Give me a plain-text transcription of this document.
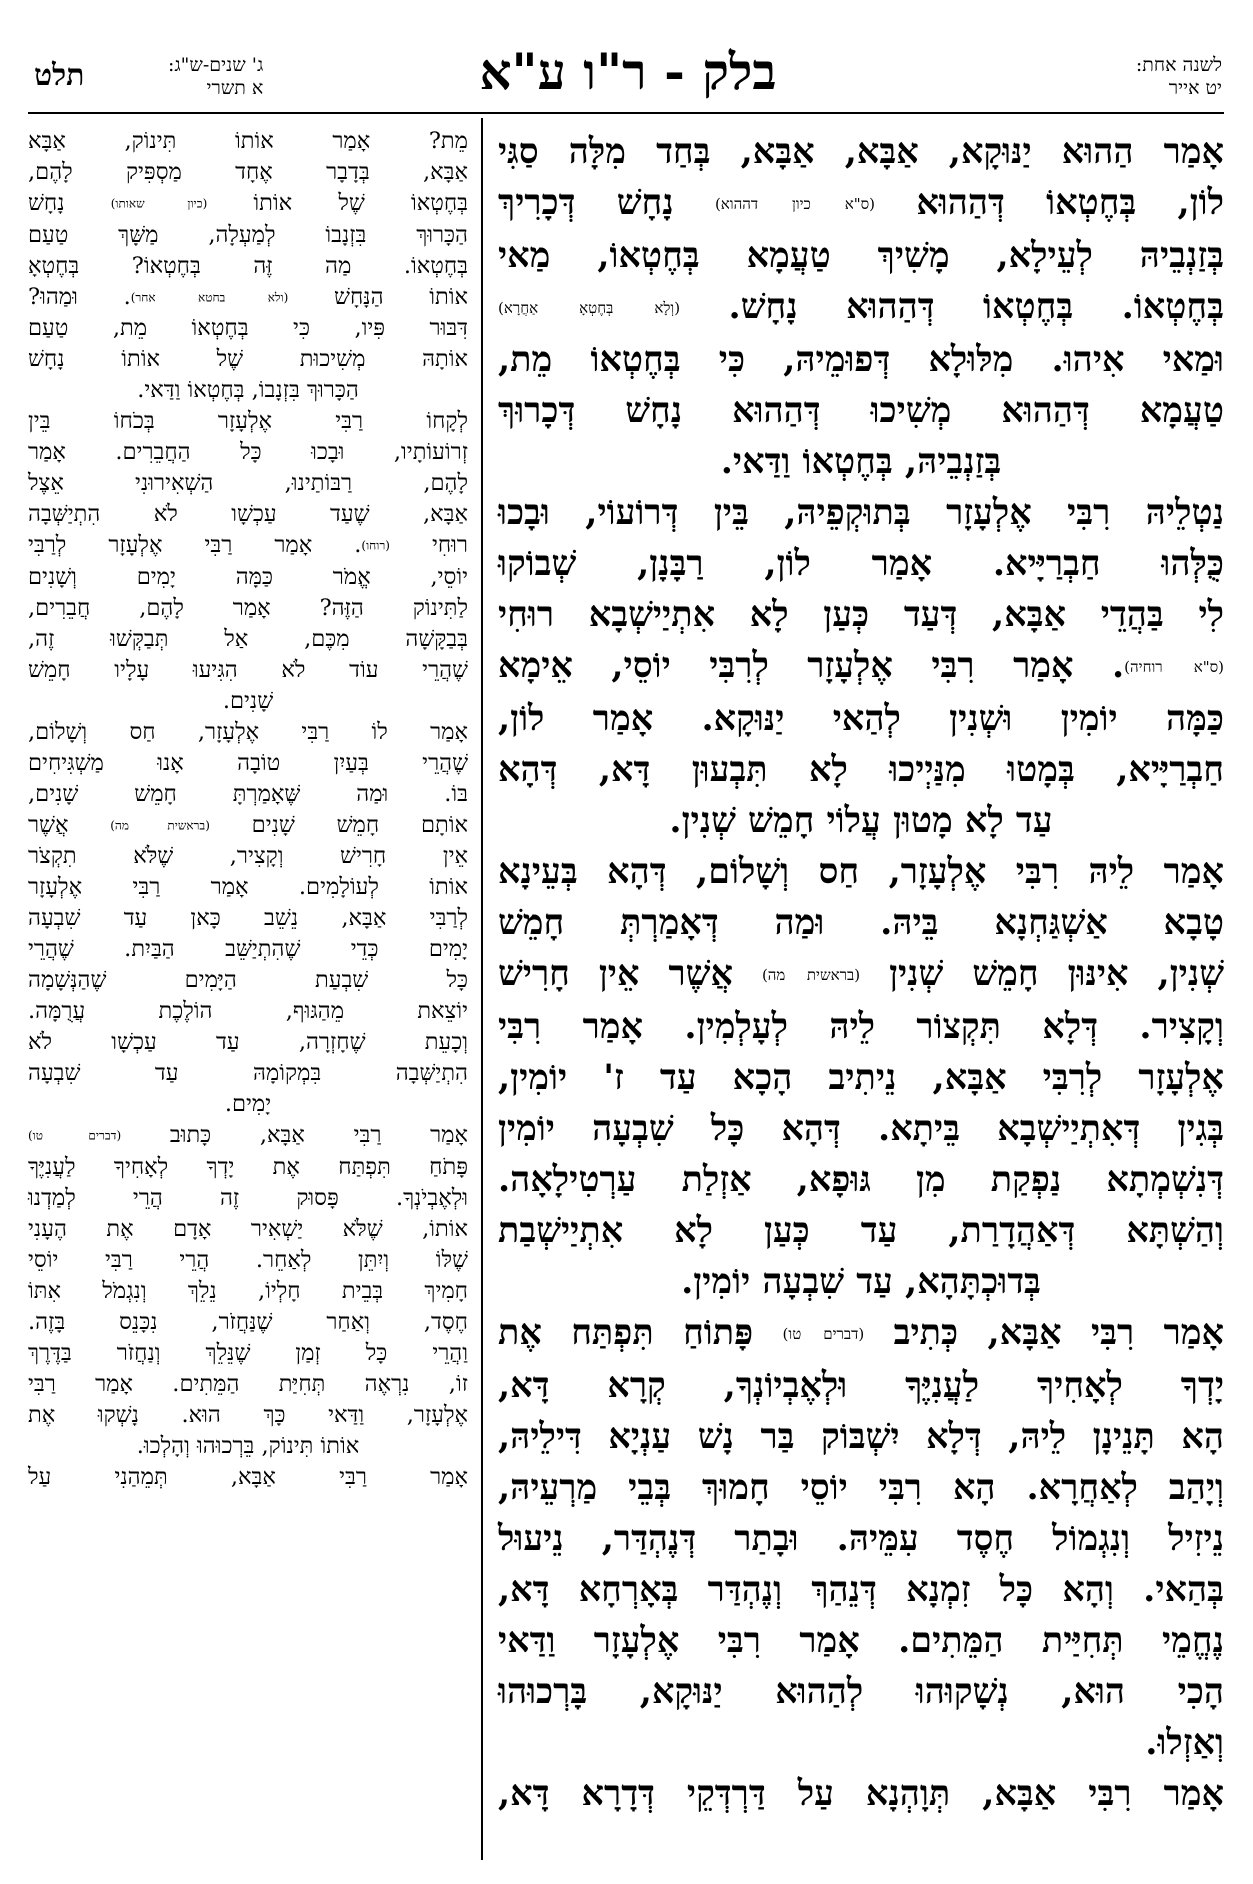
לשנה אחת:
יט אייר
בלק - ר"ו ע"א
ג' שנים-ש"ג:
א תשרי
תלט

אָמַר הַהוּא יַנּוּקָא, אַבָּא, אַבָּא, בְּחַד מִלָּה סַגִּי

לוֹן, בְּחֶטְאוֹ דְּהַהוּא (ס"א כיון דההוא) נָחָשׁ דְּכָרִיךְ

בְּזַנְבֵיהּ לְעֵילָא, מָשִׁיךְ טַעֲמָא בְּחֶטְאוֹ, מַאי

בְּחֶטְאוֹ. בְּחֶטְאוֹ דְּהַהוּא נָחָשׁ. (וְלָא בְּחֶטְאָ אַחֲרָא)

וּמַאי אִיהוּ. מִלּוּלָא דְּפוּמֵיהּ, כִּי בְּחֶטְאוֹ מֵת,

טַעֲמָא דְּהַהוּא מְשִׁיכוּ דְּהַהוּא נָחָשׁ דְּכָרוּךְ

בְּזַנְבֵיהּ, בְּחֶטְאוֹ וַדַּאי.

נַטְלֵיהּ רִבִּי אֶלְעָזָר בְּתוּקְפֵיהּ, בֵּין דְּרוֹעוֹי, וּבָכוּ

כֻּלְּהוּ חַבְרַיָּיא. אָמַר לוֹן, רַבָּנָן, שְׁבוֹקוּ

לִי בַּהֲדֵי אַבָּא, דְּעַד כְּעַן לָא אִתְיַישְׁבָא רוּחִי

(ס"א רוחיה). אָמַר רִבִּי אֶלְעָזָר לְרִבִּי יוֹסֵי, אֵימָא

כַּמָּה יוֹמִין וּשְׁנִין לְהַאי יַנּוּקָא. אָמַר לוֹן,

חַבְרַיָּיא, בְּמָטוּ מִנַּיְיכוּ לָא תִּבְעוּן דָּא, דְּהָא

עַד לָא מָטוּן עֲלוֹי חָמֵשׁ שְׁנִין.

אָמַר לֵיהּ רִבִּי אֶלְעָזָר, חַס וְשָׁלוֹם, דְּהָא בְּעֵינָא

טָבָא אַשְׁגַּחְנָא בֵּיהּ. וּמַה דְּאָמַרְתְּ חָמֵשׁ

שְׁנִין, אִינּוּן חָמֵשׁ שְׁנִין (בראשית מה) אֲשֶׁר אֵין חָרִישׁ

וְקָצִיר. דְּלָא תִּקְצוֹר לֵיהּ לְעָלְמִין. אָמַר רִבִּי

אֶלְעָזָר לְרִבִּי אַבָּא, נֵיתִיב הָכָא עַד ז' יוֹמִין,

בְּגִין דְּאִתְיַישְׁבָא בֵּיתָא. דְּהָא כָּל שִׁבְעָה יוֹמִין

דְּנִשְׁמְתָא נַפְקַת מִן גּוּפָא, אַזְלַת עַרְטִילָאָה.

וְהַשְׁתָּא דְּאַהֲדָרַת, עַד כְּעַן לָא אִתְיַישְׁבַת

בְּדוּכְתָּהָא, עַד שִׁבְעָה יוֹמִין.

אָמַר רִבִּי אַבָּא, כְּתִיב (דברים טו) פָּתוֹחַ תִּפְתַּח אֶת

יָדְךָ לְאָחִיךָ לַעֲנִיֶּךָ וּלְאֶבְיוֹנְךָ, קְרָא דָּא,

הָא תָּנֵינָן לֵיהּ, דְּלָא יִשְׁבּוֹק בַּר נָשׁ עַנְיָא דִּילֵיהּ,

וְיָהַב לְאַחֲרָא. הָא רִבִּי יוֹסֵי חָמוּךְ בְּבֵי מַרְעֵיהּ,

נֵיזִיל וְנִגְמוֹל חֶסֶד עִמֵּיהּ. וּבָתַר דְּנֶהְדַּר, נֵיעוּל

בְּהַאי. וְהָא כָּל זִמְנָא דְּנֵהַךְ וְנֶהְדַּר בְּאָרְחָא דָּא,

נֶחֱמֵי תְּחִיַּית הַמֵּתִים. אָמַר רִבִּי אֶלְעָזָר וַדַּאי

הָכִי הוּא, נְשָׁקוּהוּ לְהַהוּא יַנּוּקָא, בָּרְכוּהוּ

וְאַזְלוּ.

אָמַר רִבִּי אַבָּא, תְּוָהְנָא עַל דַּרְדְּקֵי דְּדָרָא דָּא,

מֵת? אָמַר אוֹתוֹ תִּינוֹק, אַבָּא

אַבָּא, בְּדָבָר אֶחָד מַסְפִּיק לָהֶם,

בְּחֶטְאוֹ שֶׁל אוֹתוֹ (כיון שאותו) נָחָשׁ

הַכָּרוּךְ בִּזְנָבוֹ לְמַעְלָה, מַשָּׁךְ טַעַם

בְּחֶטְאוֹ. מַה זֶּה בְּחֶטְאוֹ? בְּחֶטְאָ

אוֹתוֹ הַנָּחָשׁ (ולא בחטא אחר). וּמַהוּ?

דִּבּוּר פִּיו, כִּי בְּחֶטְאוֹ מֵת, טַעַם

אוֹתָהּ מְשִׁיכוּת שֶׁל אוֹתוֹ נָחָשׁ

הַכָּרוּךְ בִּזְנָבוֹ, בְּחֶטְאוֹ וַדַּאי.

לְקָחוֹ רַבִּי אֶלְעָזָר בְּכֹחוֹ בֵּין

זְרוֹעוֹתָיו, וּבָכוּ כָּל הַחֲבֵרִים. אָמַר

לָהֶם, רַבּוֹתַינוּ, הַשְׁאִירוּנִי אֵצֶל

אַבָּא, שֶׁעַד עַכְשָׁו לֹא הִתְיַשְּׁבָה

רוּחִי (רוחו). אָמַר רַבִּי אֶלְעָזָר לְרַבִּי

יוֹסֵי, אֱמֹר כַּמָּה יָמִים וְשָׁנִים

לַתִּינוֹק הַזֶּה? אָמַר לָהֶם, חֲבֵרִים,

בְּבַקָּשָׁה מִכֶּם, אַל תְּבַקְּשׁוּ זֶה,

שֶׁהֲרֵי עוֹד לֹא הִגִּיעוּ עָלָיו חָמֵשׁ

שָׁנִים.

אָמַר לוֹ רַבִּי אֶלְעָזָר, חַס וְשָׁלוֹם,

שֶׁהֲרֵי בְּעַיִן טוֹבָה אָנוּ מַשְׁגִּיחִים

בּוֹ. וּמַה שֶּׁאָמַרְתָּ חָמֵשׁ שָׁנִים,

אוֹתָם חָמֵשׁ שָׁנִים (בראשית מה) אֲשֶׁר

אֵין חָרִישׁ וְקָצִיר, שֶׁלֹּא תִקְצֹר

אוֹתוֹ לְעוֹלָמִים. אָמַר רַבִּי אֶלְעָזָר

לְרַבִּי אַבָּא, נֵשֵׁב כָּאן עַד שִׁבְעָה

יָמִים כְּדֵי שֶׁהִתְיַשֵּׁב הַבַּיִת. שֶׁהֲרֵי

כָּל שִׁבְעַת הַיָּמִים שֶׁהַנְּשָׁמָה

יוֹצֵאת מֵהַגּוּף, הוֹלֶכֶת עֲרֻמָּה.

וְכָעֵת שֶׁחָזְרָה, עַד עַכְשָׁו לֹא

הִתְיַשְּׁבָה בִּמְקוֹמָהּ עַד שִׁבְעָה

יָמִים.

אָמַר רַבִּי אַבָּא, כָּתוּב (דברים טו)

פָּתֹחַ תִּפְתַּח אֶת יָדְךָ לְאָחִיךָ לַעֲנִיֶּךָ

וּלְאֶבְיֹנְךָ. פָּסוּק זֶה הֲרֵי לְמַדְנוּ

אוֹתוֹ, שֶׁלֹּא יַשְׁאִיר אָדָם אֶת הֶעָנִי

שֶׁלּוֹ וְיִתֵּן לְאַחֵר. הֲרֵי רַבִּי יוֹסֵי

חָמִיךְ בְּבֵית חָלְיוֹ, נֵלֵךְ וְנִגְמֹל אִתּוֹ

חֶסֶד, וְאַחַר שֶׁנַּחֲזֹר, נִכָּנֵס בָּזֶה.

וַהֲרֵי כָּל זְמַן שֶׁנֵּלֵךְ וְנַחֲזֹר בַּדֶּרֶךְ

זוֹ, נִרְאֶה תְּחִיַּת הַמֵּתִים. אָמַר רַבִּי

אֶלְעָזָר, וַדַּאי כָּךְ הוּא. נָשְׁקוּ אֶת

אוֹתוֹ תִּינוֹק, בֵּרְכוּהוּ וְהָלְכוּ.

אָמַר רַבִּי אַבָּא, תְּמֵהַנִי עַל
